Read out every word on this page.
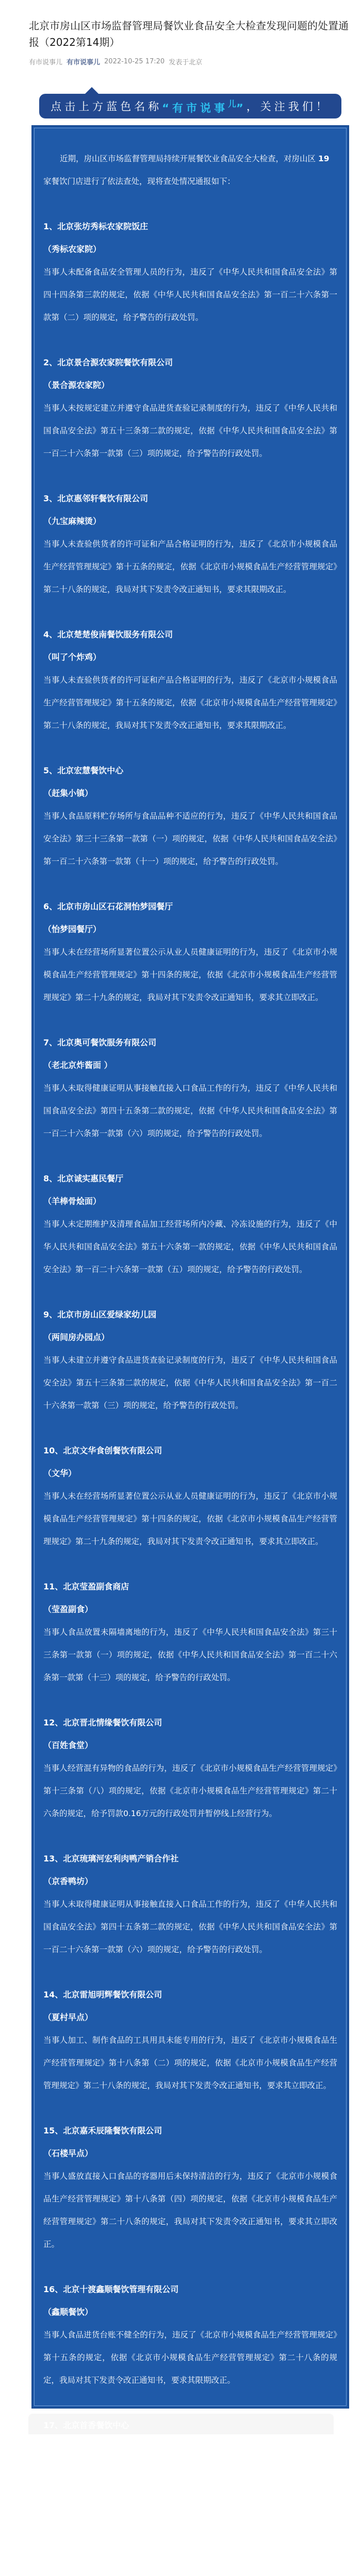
北京市房山区市场监督管理局餐饮业食品安全大检查发现问题的处置通报（2022第14期）
有市说事儿 有市说事儿 2022-10-25 17:20 发表于北京
点击上方蓝色名称 “有市说事$^儿$” ，关注我们！

近期，房山区市场监督管理局持续开展餐饮业食品安全大检查，对房山区 19 家餐饮门店进行了依法查处，现将查处情况通报如下：

1、北京张坊秀标农家院饭庄
（秀标农家院）
当事人未配备食品安全管理人员的行为，违反了《中华人民共和国食品安全法》第四十四条第三款的规定，依据《中华人民共和国食品安全法》第一百二十六条第一款第（二）项的规定，给予警告的行政处罚。
2、北京景合源农家院餐饮有限公司
（景合源农家院）
当事人未按规定建立并遵守食品进货查验记录制度的行为，违反了《中华人民共和国食品安全法》第五十三条第二款的规定，依据《中华人民共和国食品安全法》第一百二十六条第一款第（三）项的规定，给予警告的行政处罚。
3、北京惠邻轩餐饮有限公司
（九宝麻辣烫）
当事人未查验供货者的许可证和产品合格证明的行为，违反了《北京市小规模食品生产经营管理规定》第十五条的规定，依据《北京市小规模食品生产经营管理规定》第二十八条的规定，我局对其下发责令改正通知书，要求其限期改正。
4、北京楚楚俊南餐饮服务有限公司
（叫了个炸鸡）
当事人未查验供货者的许可证和产品合格证明的行为，违反了《北京市小规模食品生产经营管理规定》第十五条的规定，依据《北京市小规模食品生产经营管理规定》第二十八条的规定，我局对其下发责令改正通知书，要求其限期改正。
5、北京宏慧餐饮中心
（赶集小镇）
当事人食品原料贮存场所与食品品种不适应的行为，违反了《中华人民共和国食品安全法》第三十三条第一款第（一）项的规定，依据《中华人民共和国食品安全法》第一百二十六条第一款第（十一）项的规定，给予警告的行政处罚。
6、北京市房山区石花洞怡梦园餐厅
（怡梦园餐厅）
当事人未在经营场所显著位置公示从业人员健康证明的行为，违反了《北京市小规模食品生产经营管理规定》第十四条的规定，依据《北京市小规模食品生产经营管理规定》第二十九条的规定，我局对其下发责令改正通知书，要求其立即改正。
7、北京奥可餐饮服务有限公司
（老北京炸酱面 ）
当事人未取得健康证明从事接触直接入口食品工作的行为，违反了《中华人民共和国食品安全法》第四十五条第二款的规定，依据《中华人民共和国食品安全法》第一百二十六条第一款第（六）项的规定，给予警告的行政处罚。
8、北京诚实惠民餐厅
（羊棒骨烩面）
当事人未定期维护及清理食品加工经营场所内冷藏、冷冻设施的行为，违反了《中华人民共和国食品安全法》第五十六条第一款的规定，依据《中华人民共和国食品安全法》第一百二十六条第一款第（五）项的规定，给予警告的行政处罚。
9、北京市房山区爱绿家幼儿园
（两间房办园点）
当事人未建立并遵守食品进货查验记录制度的行为，违反了《中华人民共和国食品安全法》第五十三条第二款的规定，依据《中华人民共和国食品安全法》第一百二十六条第一款第（三）项的规定，给予警告的行政处罚。
10、北京文华食创餐饮有限公司
（文华）
当事人未在经营场所显著位置公示从业人员健康证明的行为，违反了《北京市小规模食品生产经营管理规定》第十四条的规定，依据《北京市小规模食品生产经营管理规定》第二十九条的规定，我局对其下发责令改正通知书，要求其立即改正。
11、北京莹盈副食商店
（莹盈副食）
当事人食品放置未隔墙离地的行为，违反了《中华人民共和国食品安全法》第三十三条第一款第（一）项的规定，依据《中华人民共和国食品安全法》第一百二十六条第一款第（十三）项的规定，给予警告的行政处罚。
12、北京晋北情缘餐饮有限公司
（百姓食堂）
当事人经营混有异物的食品的行为，违反了《北京市小规模食品生产经营管理规定》第十三条第（八）项的规定，依据《北京市小规模食品生产经营管理规定》第二十六条的规定，给予罚款0.16万元的行政处罚并暂停线上经营行为。
13、北京琉璃河宏利肉鸭产销合作社
（京香鸭坊）
当事人未取得健康证明从事接触直接入口食品工作的行为，违反了《中华人民共和国食品安全法》第四十五条第二款的规定，依据《中华人民共和国食品安全法》第一百二十六条第一款第（六）项的规定，给予警告的行政处罚。
14、北京雷旭明辉餐饮有限公司
（夏村早点）
当事人加工、制作食品的工具用具未能专用的行为，违反了《北京市小规模食品生产经营管理规定》第十八条第（二）项的规定，依据《北京市小规模食品生产经营管理规定》第二十八条的规定，我局对其下发责令改正通知书，要求其立即改正。
15、北京嘉禾辰隆餐饮有限公司
（石楼早点）
当事人盛放直接入口食品的容器用后未保持清洁的行为，违反了《北京市小规模食品生产经营管理规定》第十八条第（四）项的规定，依据《北京市小规模食品生产经营管理规定》第二十八条的规定，我局对其下发责令改正通知书，要求其立即改正。
16、北京十渡鑫顺餐饮管理有限公司
（鑫顺餐饮）
当事人食品进货台账不健全的行为，违反了《北京市小规模食品生产经营管理规定》第十五条的规定，依据《北京市小规模食品生产经营管理规定》第二十八条的规定，我局对其下发责令改正通知书，要求其限期改正。
17、北京首香餐饮中心
（正新鸡排）
当事人加工、制作食品的工具用具未能专用的行为，违反了《北京市小规模食品生产经营管理规定》第十八条第（二）项的规定，依据《北京市小规模食品生产经营管理规定》第二十八条的规定，我局对其下发责令改正通知书，要求其立即改正。
18、北京茶余饭后餐饮管理有限公司
